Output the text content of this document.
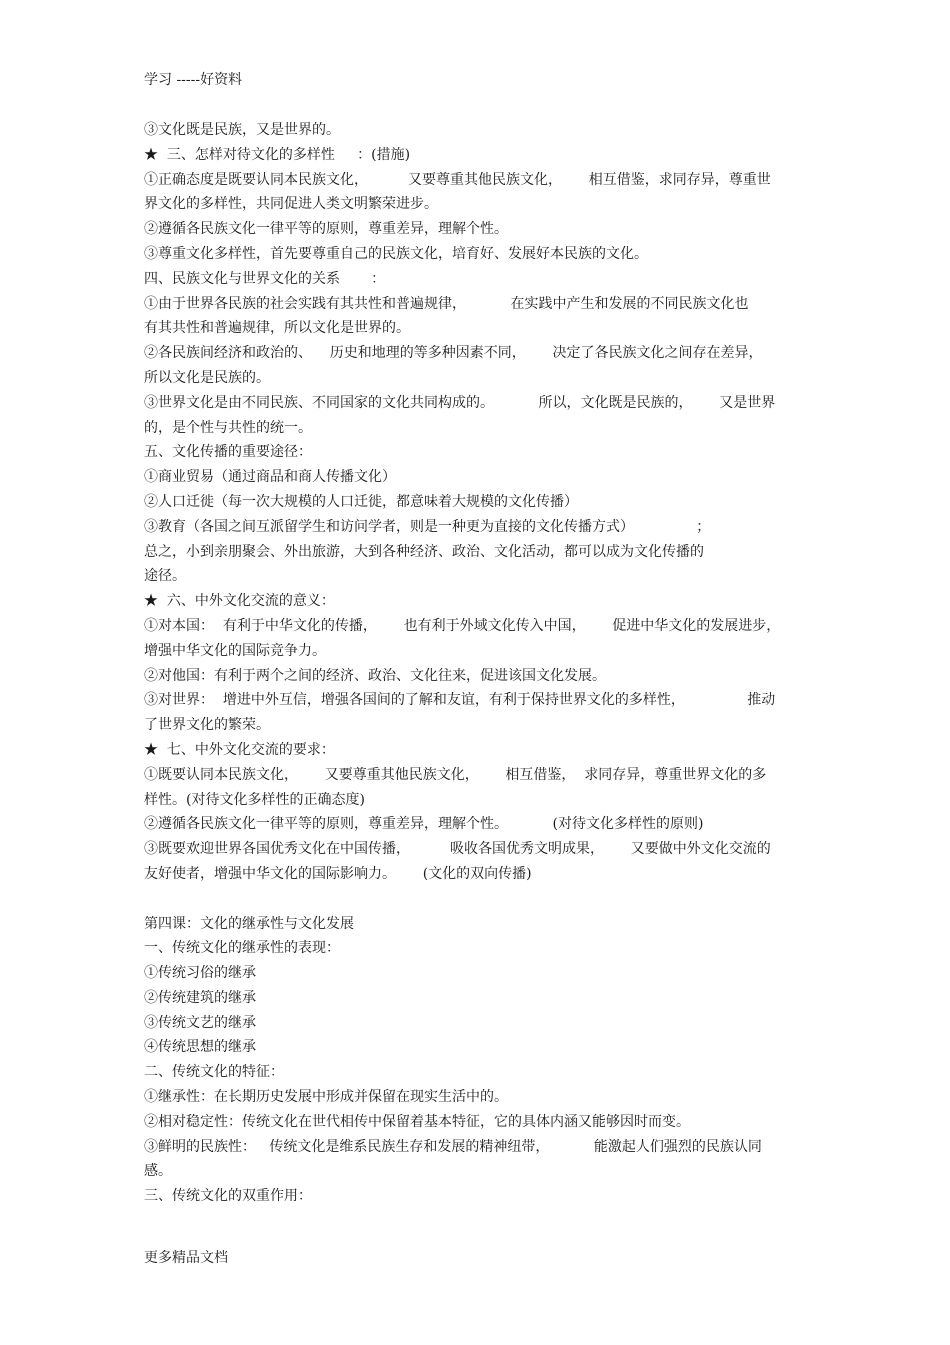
学习 -----好资料
③文化既是民族，又是世界的。
★  三、怎样对待文化的多样性     ：(措施)
①正确态度是既要认同本民族文化，         又要尊重其他民族文化，      相互借鉴，求同存异，尊重世
界文化的多样性，共同促进人类文明繁荣进步。
②遵循各民族文化一律平等的原则，尊重差异，理解个性。
③尊重文化多样性，首先要尊重自己的民族文化，培育好、发展好本民族的文化。
四、民族文化与世界文化的关系       ：
①由于世界各民族的社会实践有其共性和普遍规律，          在实践中产生和发展的不同民族文化也
有其共性和普遍规律，所以文化是世界的。
②各民族间经济和政治的、    历史和地理的等多种因素不同，      决定了各民族文化之间存在差异，
所以文化是民族的。
③世界文化是由不同民族、不同国家的文化共同构成的。          所以，文化既是民族的，      又是世界
的，是个性与共性的统一。
五、文化传播的重要途径：
①商业贸易（通过商品和商人传播文化）
②人口迁徙（每一次大规模的人口迁徙，都意味着大规模的文化传播）
③教育（各国之间互派留学生和访问学者，则是一种更为直接的文化传播方式）              ；
总之，小到亲朋聚会、外出旅游，大到各种经济、政治、文化活动，都可以成为文化传播的
途径。
★  六、中外文化交流的意义：
①对本国：  有利于中华文化的传播，      也有利于外域文化传入中国，      促进中华文化的发展进步，
增强中华文化的国际竞争力。
②对他国：有利于两个之间的经济、政治、文化往来，促进该国文化发展。
③对世界：  增进中外互信，增强各国间的了解和友谊，有利于保持世界文化的多样性，              推动
了世界文化的繁荣。
★  七、中外文化交流的要求：
①既要认同本民族文化，      又要尊重其他民族文化，      相互借鉴，  求同存异，尊重世界文化的多
样性。(对待文化多样性的正确态度)
②遵循各民族文化一律平等的原则，尊重差异，理解个性。          (对待文化多样性的原则)
③既要欢迎世界各国优秀文化在中国传播，         吸收各国优秀文明成果，      又要做中外文化交流的
友好使者，增强中华文化的国际影响力。      (文化的双向传播)
第四课：文化的继承性与文化发展
一、传统文化的继承性的表现：
①传统习俗的继承
②传统建筑的继承
③传统文艺的继承
④传统思想的继承
二、传统文化的特征：
①继承性：在长期历史发展中形成并保留在现实生活中的。
②相对稳定性：传统文化在世代相传中保留着基本特征，它的具体内涵又能够因时而变。
③鲜明的民族性：   传统文化是维系民族生存和发展的精神纽带，          能激起人们强烈的民族认同
感。
三、传统文化的双重作用：
更多精品文档
